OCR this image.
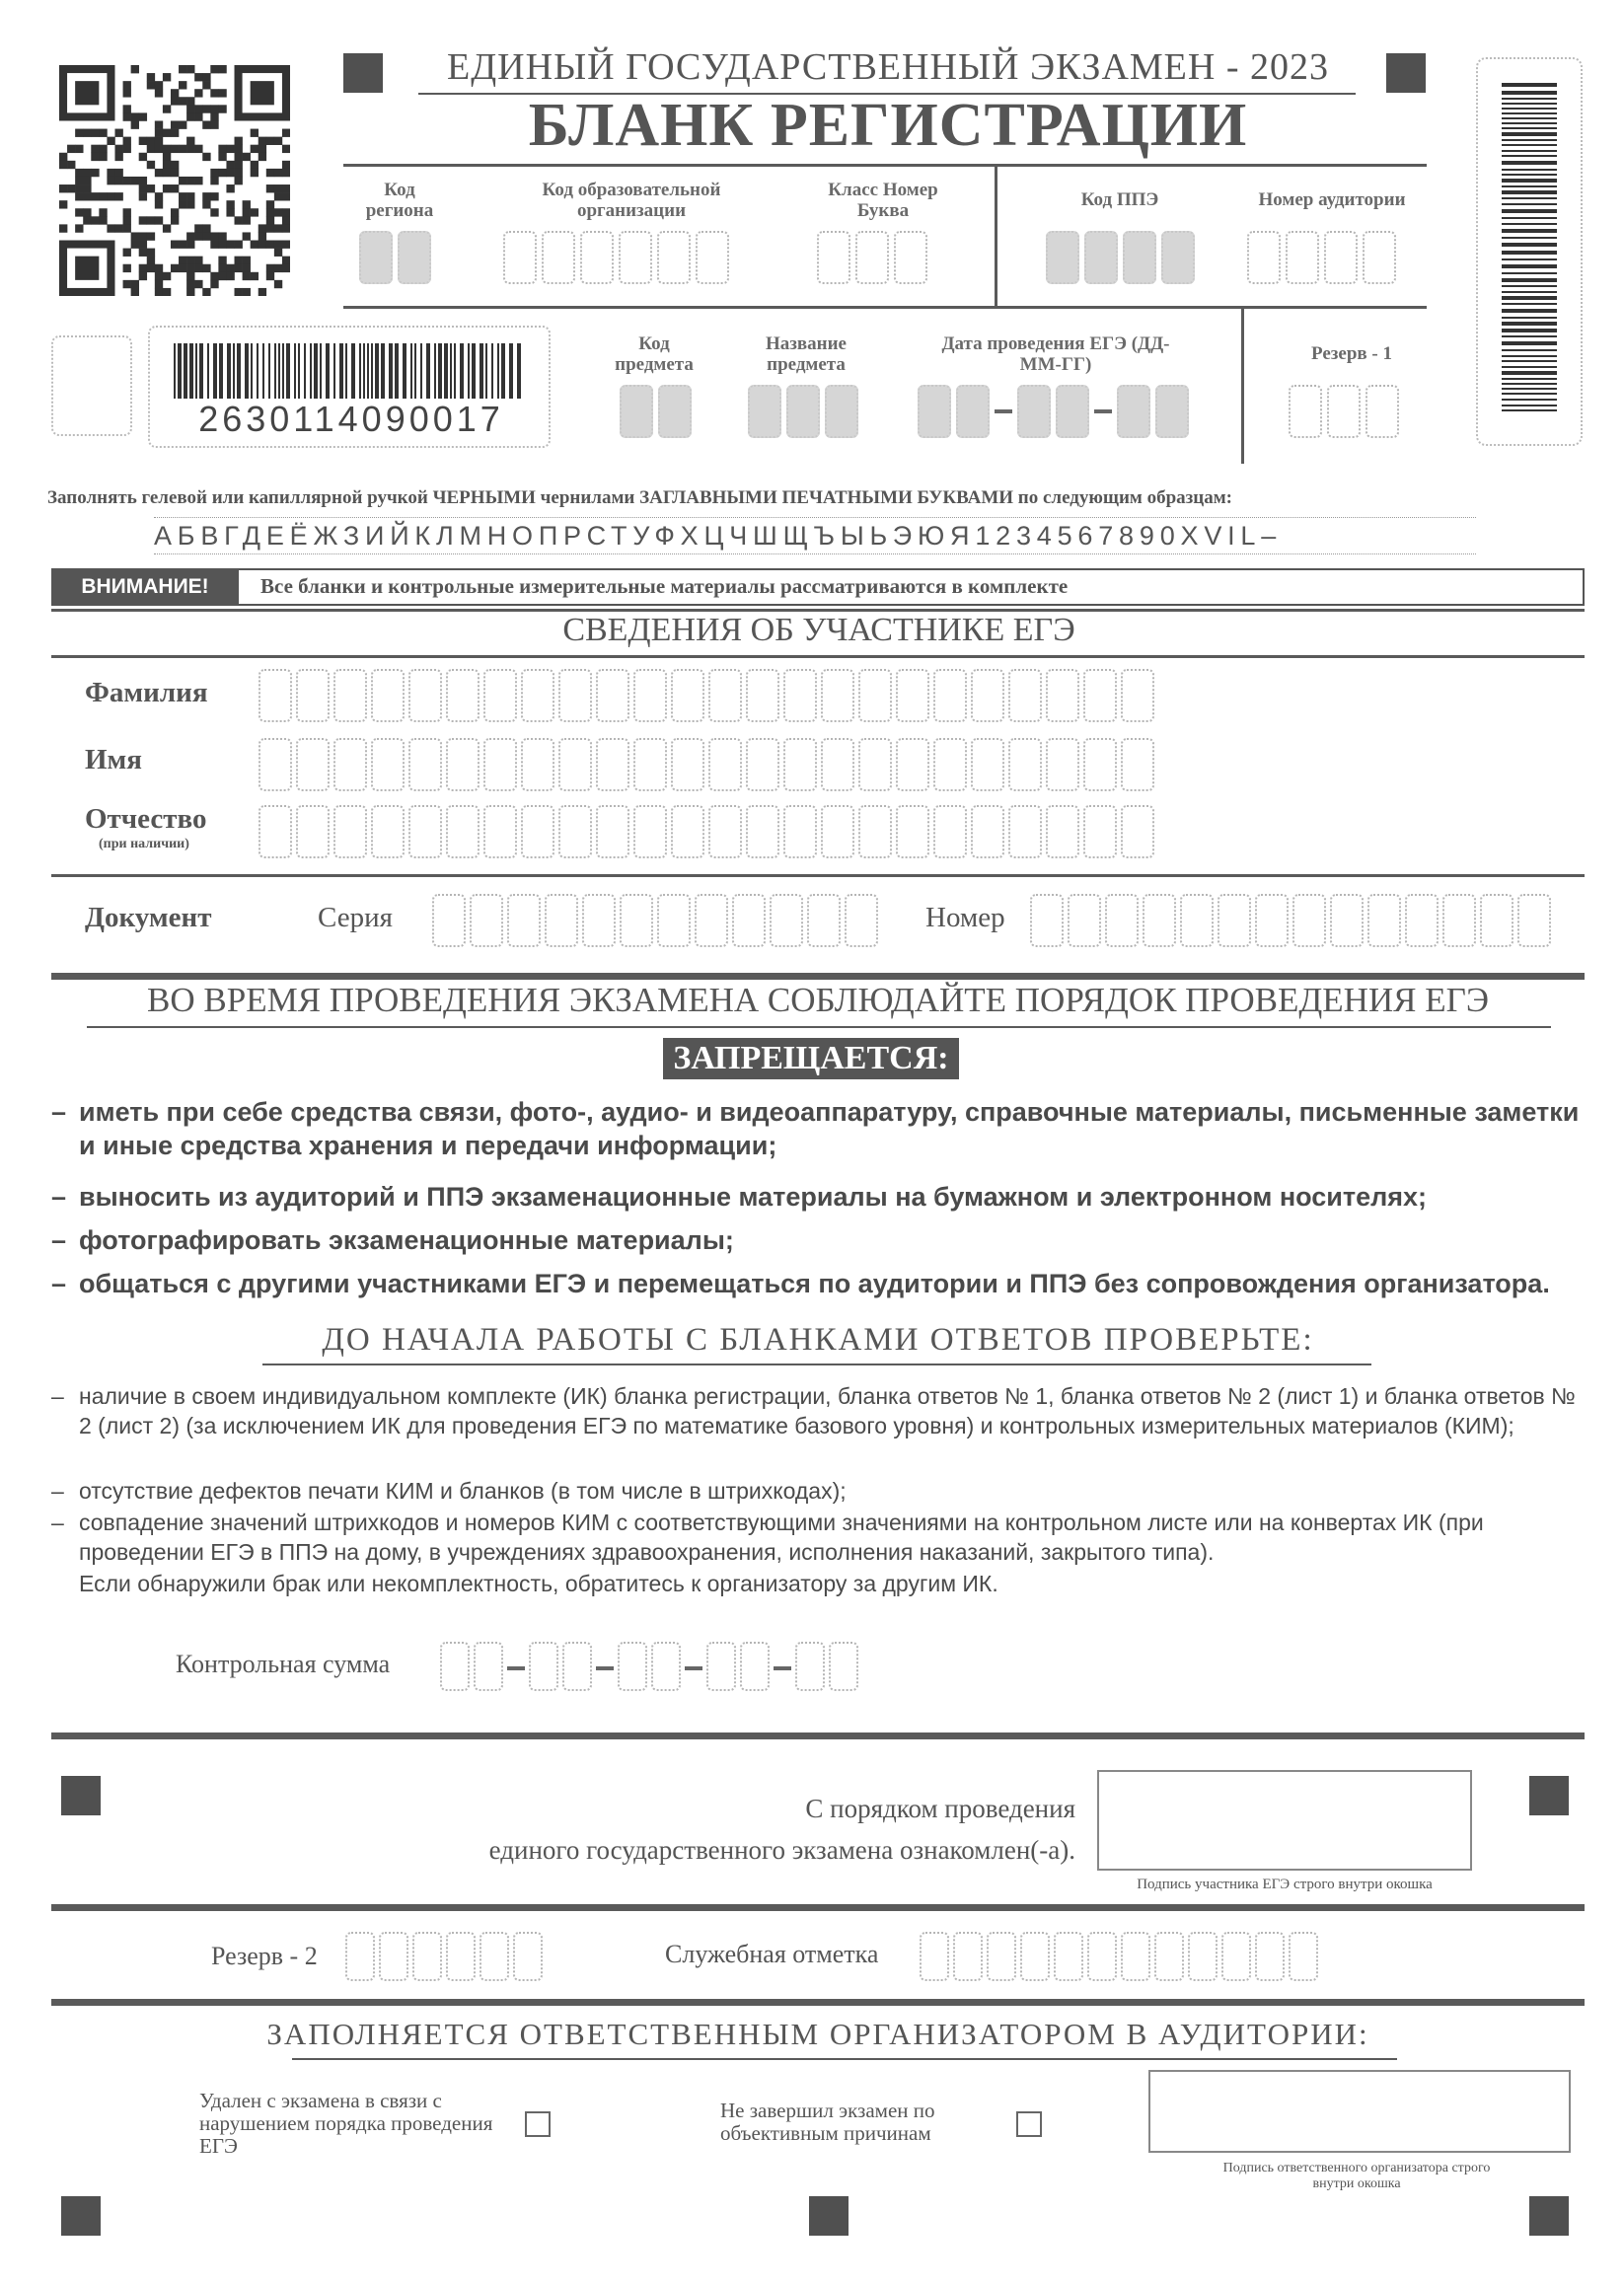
ЕДИНЫЙ ГОСУДАРСТВЕННЫЙ ЭКЗАМЕН - 2023
БЛАНК РЕГИСТРАЦИИ
Код региона
Код образовательной организации
Класс Номер Буква
Код ППЭ	Номер аудитории
2630114090017
Код предмета
Название предмета
Дата проведения ЕГЭ (ДД-ММ-ГГ)
Резерв - 1
Заполнять гелевой или капиллярной ручкой ЧЕРНЫМИ чернилами ЗАГЛАВНЫМИ ПЕЧАТНЫМИ БУКВАМИ по следующим образцам:
АБВГДЕЁЖЗИЙКЛМНОПРСТУФХЦЧШЩЪЫЬЭЮЯ1234567890XVIL–
ВНИМАНИЕ!	Все бланки и контрольные измерительные материалы рассматриваются в комплекте
СВЕДЕНИЯ ОБ УЧАСТНИКЕ ЕГЭ
Фамилия
Имя
Отчество
(при наличии)
Документ	Серия	Номер
ВО ВРЕМЯ ПРОВЕДЕНИЯ ЭКЗАМЕНА СОБЛЮДАЙТЕ ПОРЯДОК ПРОВЕДЕНИЯ ЕГЭ
ЗАПРЕЩАЕТСЯ:
– иметь при себе средства связи, фото-, аудио- и видеоаппаратуру, справочные материалы, письменные заметки и иные средства хранения и передачи информации;
– выносить из аудиторий и ППЭ экзаменационные материалы на бумажном и электронном носителях;
– фотографировать экзаменационные материалы;
– общаться с другими участниками ЕГЭ и перемещаться по аудитории и ППЭ без сопровождения организатора.
ДО НАЧАЛА РАБОТЫ С БЛАНКАМИ ОТВЕТОВ ПРОВЕРЬТЕ:
– наличие в своем индивидуальном комплекте (ИК) бланка регистрации, бланка ответов № 1, бланка ответов № 2 (лист 1) и бланка ответов № 2 (лист 2) (за исключением ИК для проведения ЕГЭ по математике базового уровня) и контрольных измерительных материалов (КИМ);
– отсутствие дефектов печати КИМ и бланков (в том числе в штрихкодах);
– совпадение значений штрихкодов и номеров КИМ с соответствующими значениями на контрольном листе или на конвертах ИК (при проведении ЕГЭ в ППЭ на дому, в учреждениях здравоохранения, исполнения наказаний, закрытого типа).
Если обнаружили брак или некомплектность, обратитесь к организатору за другим ИК.
Контрольная сумма
С порядком проведения
единого государственного экзамена ознакомлен(-а).
Подпись участника ЕГЭ строго внутри окошка
Резерв - 2	Служебная отметка
ЗАПОЛНЯЕТСЯ ОТВЕТСТВЕННЫМ ОРГАНИЗАТОРОМ В АУДИТОРИИ:
Удален с экзамена в связи с нарушением порядка проведения ЕГЭ
Не завершил экзамен по объективным причинам
Подпись ответственного организатора строго внутри окошка
